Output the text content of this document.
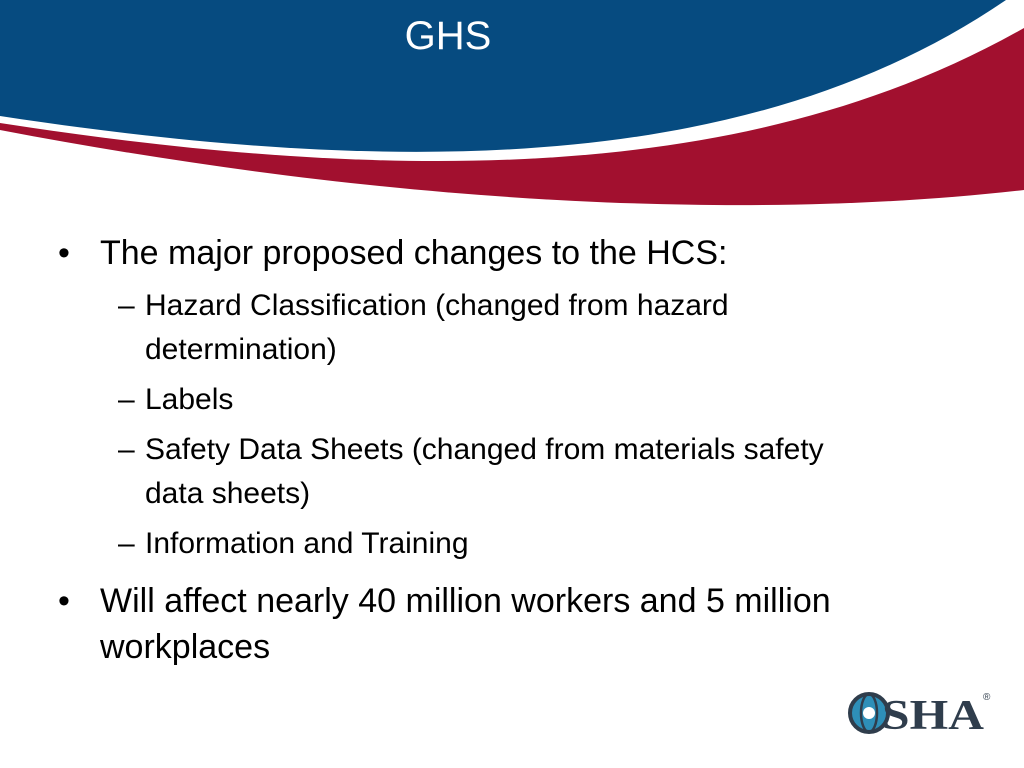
GHS
• The major proposed changes to the HCS:
– Hazard Classification (changed from hazard determination)
– Labels
– Safety Data Sheets (changed from materials safety data sheets)
– Information and Training
• Will affect nearly 40 million workers and 5 million workplaces
SHA
®
